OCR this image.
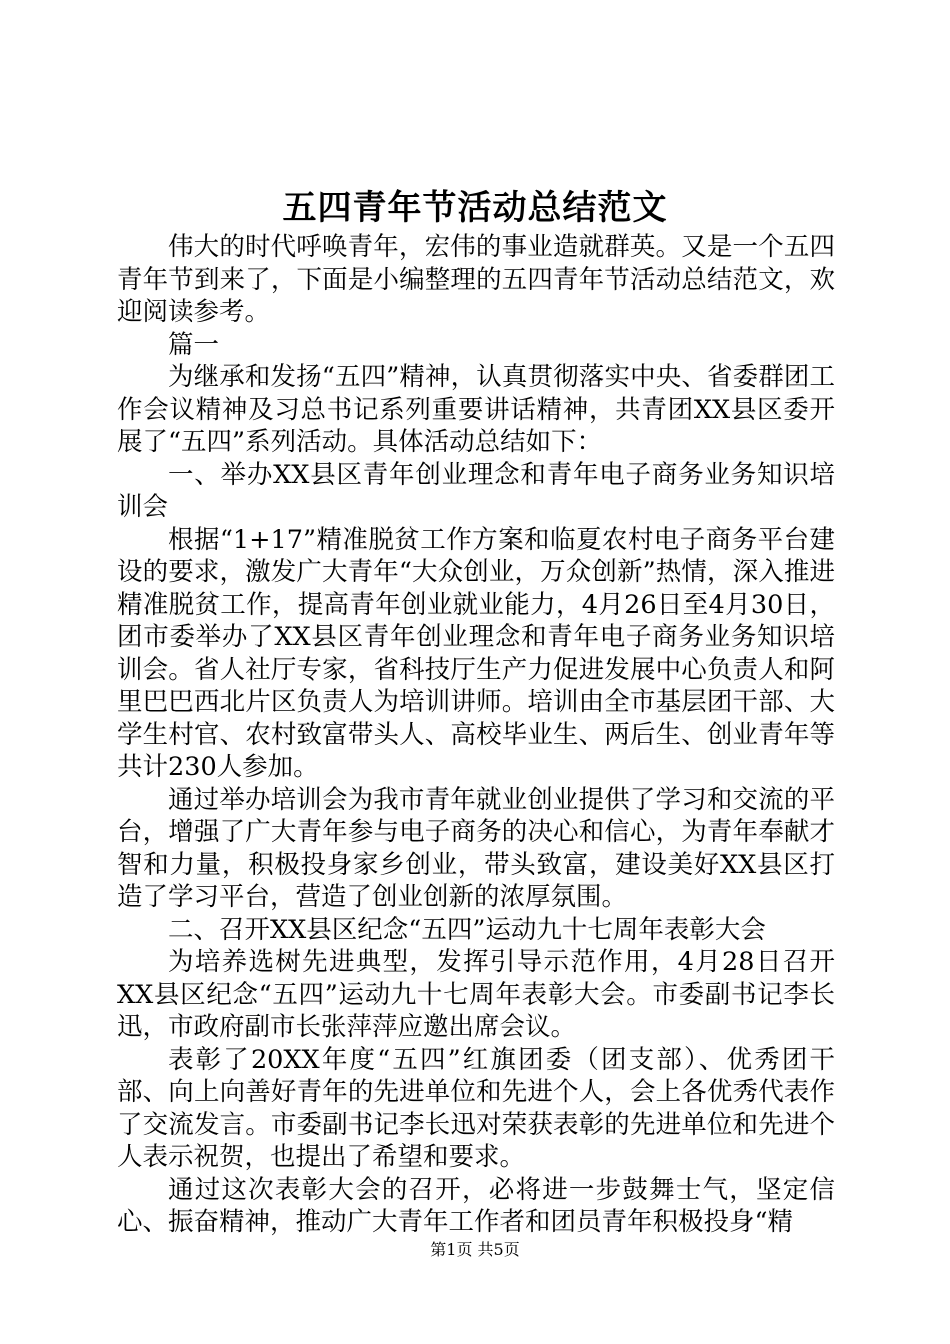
五四青年节活动总结范文

伟大的时代呼唤青年，宏伟的事业造就群英。又是一个五四青年节到来了，下面是小编整理的五四青年节活动总结范文，欢迎阅读参考。

篇一

为继承和发扬“五四”精神，认真贯彻落实中央、省委群团工作会议精神及习总书记系列重要讲话精神，共青团XX县区委开展了“五四”系列活动。具体活动总结如下：

一、举办XX县区青年创业理念和青年电子商务业务知识培训会

根据“1+17”精准脱贫工作方案和临夏农村电子商务平台建设的要求，激发广大青年“大众创业，万众创新”热情，深入推进精准脱贫工作，提高青年创业就业能力，4月26日至4月30日，团市委举办了XX县区青年创业理念和青年电子商务业务知识培训会。省人社厅专家，省科技厅生产力促进发展中心负责人和阿里巴巴西北片区负责人为培训讲师。培训由全市基层团干部、大学生村官、农村致富带头人、高校毕业生、两后生、创业青年等共计230人参加。

通过举办培训会为我市青年就业创业提供了学习和交流的平台，增强了广大青年参与电子商务的决心和信心，为青年奉献才智和力量，积极投身家乡创业，带头致富，建设美好XX县区打造了学习平台，营造了创业创新的浓厚氛围。

二、召开XX县区纪念“五四”运动九十七周年表彰大会

为培养选树先进典型，发挥引导示范作用，4月28日召开XX县区纪念“五四”运动九十七周年表彰大会。市委副书记李长迅，市政府副市长张萍萍应邀出席会议。

表彰了20XX年度“五四”红旗团委（团支部）、优秀团干部、向上向善好青年的先进单位和先进个人，会上各优秀代表作了交流发言。市委副书记李长迅对荣获表彰的先进单位和先进个人表示祝贺，也提出了希望和要求。

通过这次表彰大会的召开，必将进一步鼓舞士气，坚定信心、振奋精神，推动广大青年工作者和团员青年积极投身“精

第1页 共5页
